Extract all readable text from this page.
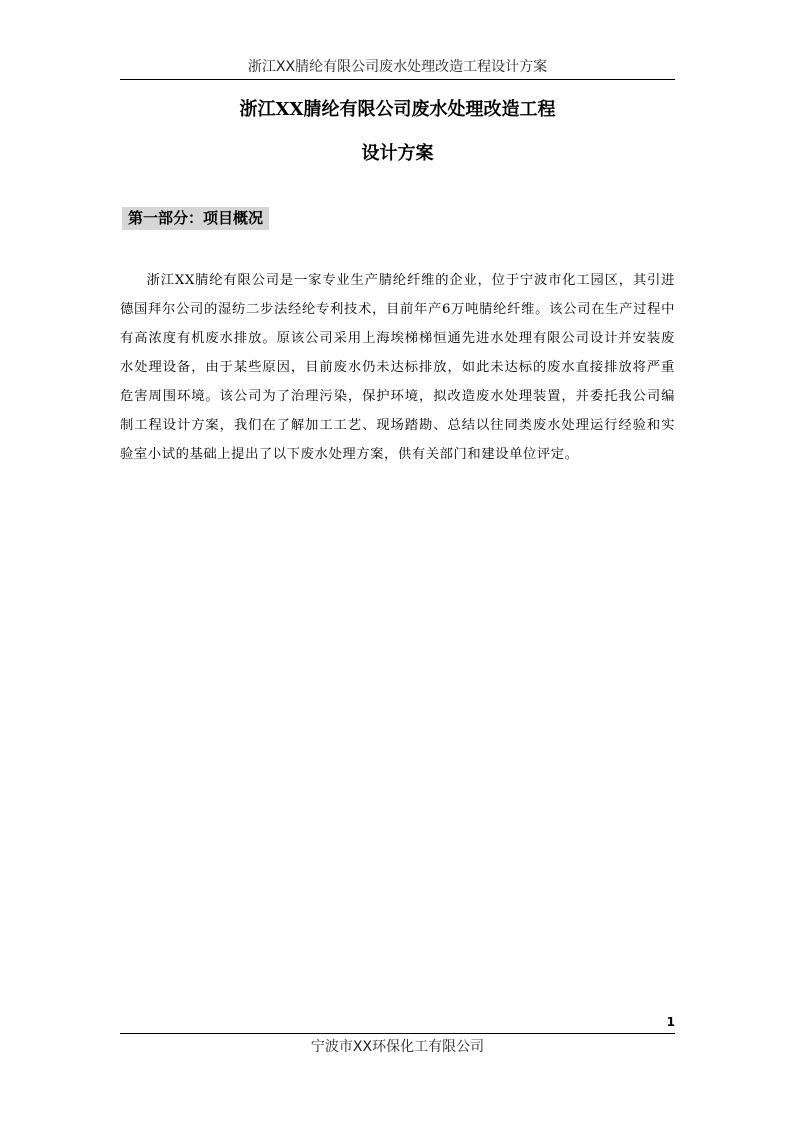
浙江XX腈纶有限公司废水处理改造工程设计方案
浙江XX腈纶有限公司废水处理改造工程
设计方案
第一部分：项目概况

浙江XX腈纶有限公司是一家专业生产腈纶纤维的企业，位于宁波市化工园区，其引进德国拜尔公司的湿纺二步法经纶专利技术，目前年产6万吨腈纶纤维。该公司在生产过程中有高浓度有机废水排放。原该公司采用上海埃梯梯恒通先进水处理有限公司设计并安装废水处理设备，由于某些原因，目前废水仍未达标排放，如此未达标的废水直接排放将严重危害周围环境。该公司为了治理污染，保护环境，拟改造废水处理装置，并委托我公司编制工程设计方案，我们在了解加工工艺、现场踏勘、总结以往同类废水处理运行经验和实验室小试的基础上提出了以下废水处理方案，供有关部门和建设单位评定。

1
宁波市XX环保化工有限公司
